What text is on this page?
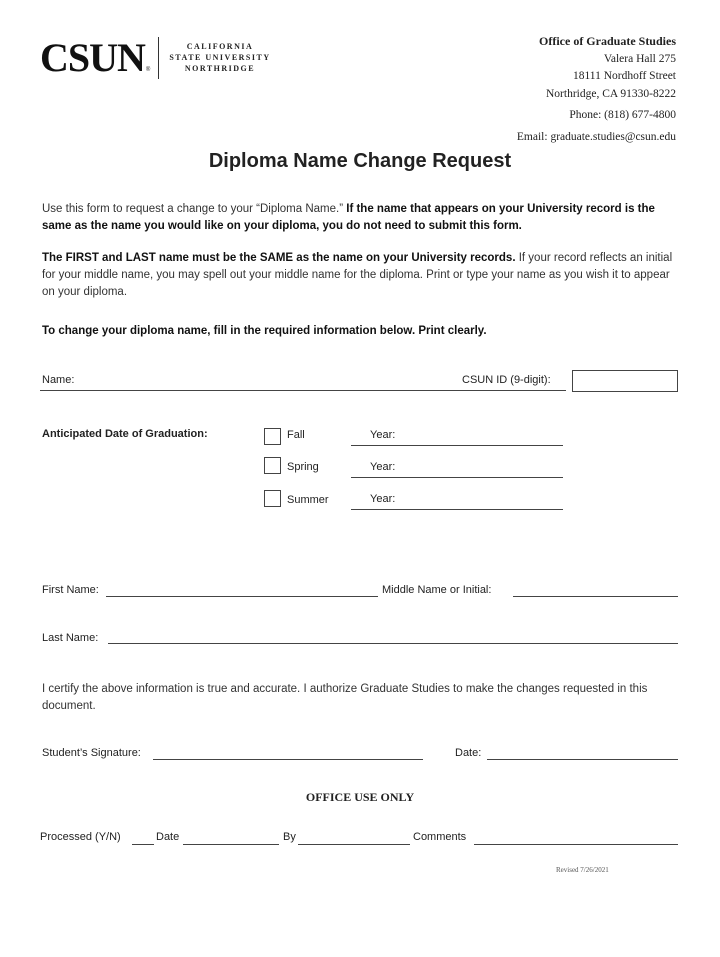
CSUN ®
CALIFORNIA
STATE UNIVERSITY
NORTHRIDGE
Office of Graduate Studies
Valera Hall 275
18111 Nordhoff Street
Northridge, CA 91330-8222
Phone: (818) 677-4800
Email: graduate.studies@csun.edu
Diploma Name Change Request
Use this form to request a change to your “Diploma Name.” If the name that appears on your University record is the same as the name you would like on your diploma, you do not need to submit this form.
The FIRST and LAST name must be the SAME as the name on your University records. If your record reflects an initial for your middle name, you may spell out your middle name for the diploma. Print or type your name as you wish it to appear on your diploma.
To change your diploma name, fill in the required information below. Print clearly.
Name:	CSUN ID (9-digit):
Anticipated Date of Graduation:	Fall	Year:
Spring	Year:
Summer	Year:
First Name:	Middle Name or Initial:
Last Name:
I certify the above information is true and accurate. I authorize Graduate Studies to make the changes requested in this document.
Student’s Signature:	Date:
OFFICE USE ONLY
Processed (Y/N)	Date	By	Comments
Revised 7/26/2021
